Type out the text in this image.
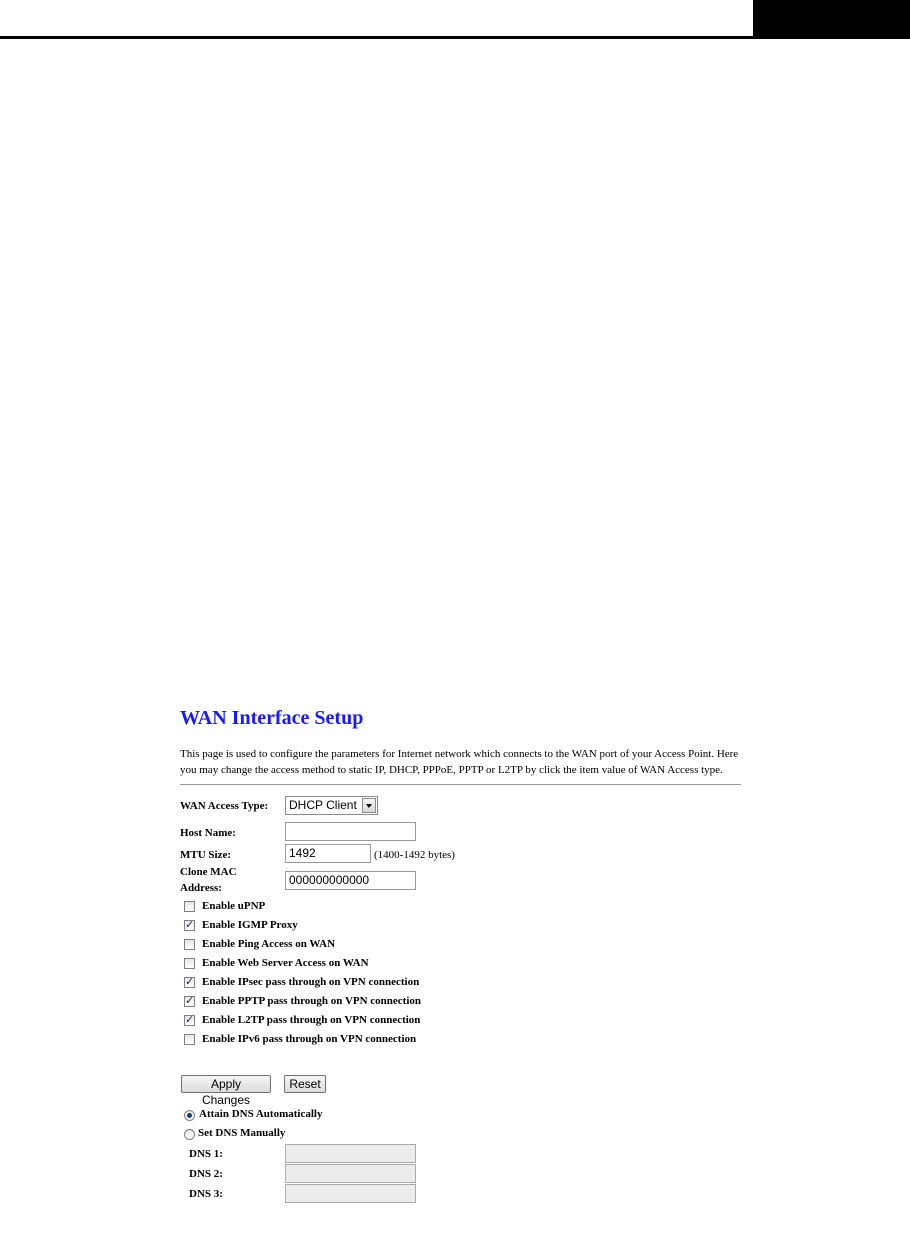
WAN Interface Setup

This page is used to configure the parameters for Internet network which connects to the WAN port of your Access Point. Here you may change the access method to static IP, DHCP, PPPoE, PPTP or L2TP by click the item value of WAN Access type.

WAN Access Type:	DHCP Client
Host Name:
MTU Size:	1492	(1400-1492 bytes)
Clone MAC
Address:
000000000000
Enable uPNP
✓
Enable IGMP Proxy
Enable Ping Access on WAN
Enable Web Server Access on WAN
✓
Enable IPsec pass through on VPN connection
✓
Enable PPTP pass through on VPN connection
✓
Enable L2TP pass through on VPN connection
Enable IPv6 pass through on VPN connection
Apply Changes
Reset
Attain DNS Automatically
Set DNS Manually
DNS 1:
DNS 2:
DNS 3:
